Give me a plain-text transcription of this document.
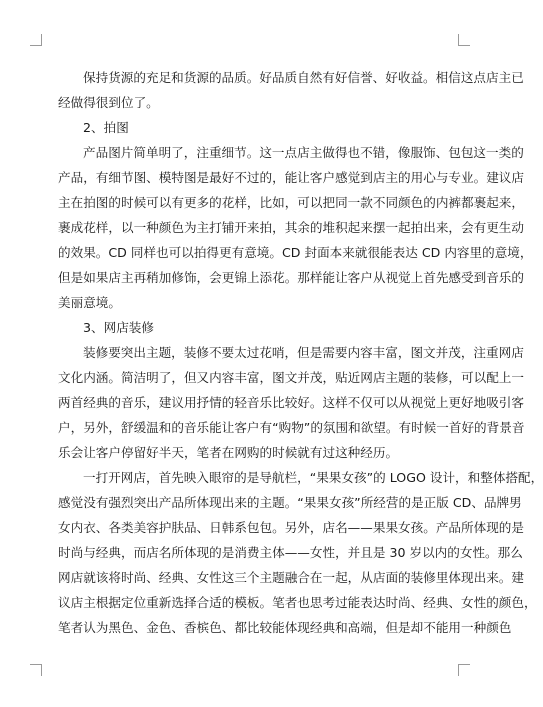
保持货源的充足和货源的品质。好品质自然有好信誉、好收益。相信这点店主已
经做得很到位了。
2、拍图
产品图片简单明了，注重细节。这一点店主做得也不错，像服饰、包包这一类的
产品，有细节图、模特图是最好不过的，能让客户感觉到店主的用心与专业。建议店
主在拍图的时候可以有更多的花样，比如，可以把同一款不同颜色的内裤都裹起来，
裹成花样，以一种颜色为主打铺开来拍，其余的堆积起来摆一起拍出来，会有更生动
的效果。CD 同样也可以拍得更有意境。CD 封面本来就很能表达 CD 内容里的意境，
但是如果店主再稍加修饰，会更锦上添花。那样能让客户从视觉上首先感受到音乐的
美丽意境。
3、网店装修
装修要突出主题，装修不要太过花哨，但是需要内容丰富，图文并茂，注重网店
文化内涵。简洁明了，但又内容丰富，图文并茂，贴近网店主题的装修，可以配上一
两首经典的音乐，建议用抒情的轻音乐比较好。这样不仅可以从视觉上更好地吸引客
户，另外，舒缓温和的音乐能让客户有“购物”的氛围和欲望。有时候一首好的背景音
乐会让客户停留好半天，笔者在网购的时候就有过这种经历。
一打开网店，首先映入眼帘的是导航栏，“果果女孩”的 LOGO 设计，和整体搭配，
感觉没有强烈突出产品所体现出来的主题。“果果女孩”所经营的是正版 CD、品牌男
女内衣、各类美容护肤品、日韩系包包。另外，店名——果果女孩。产品所体现的是
时尚与经典，而店名所体现的是消费主体——女性，并且是 30 岁以内的女性。那么
网店就该将时尚、经典、女性这三个主题融合在一起，从店面的装修里体现出来。建
议店主根据定位重新选择合适的模板。笔者也思考过能表达时尚、经典、女性的颜色，
笔者认为黑色、金色、香槟色、都比较能体现经典和高端，但是却不能用一种颜色
